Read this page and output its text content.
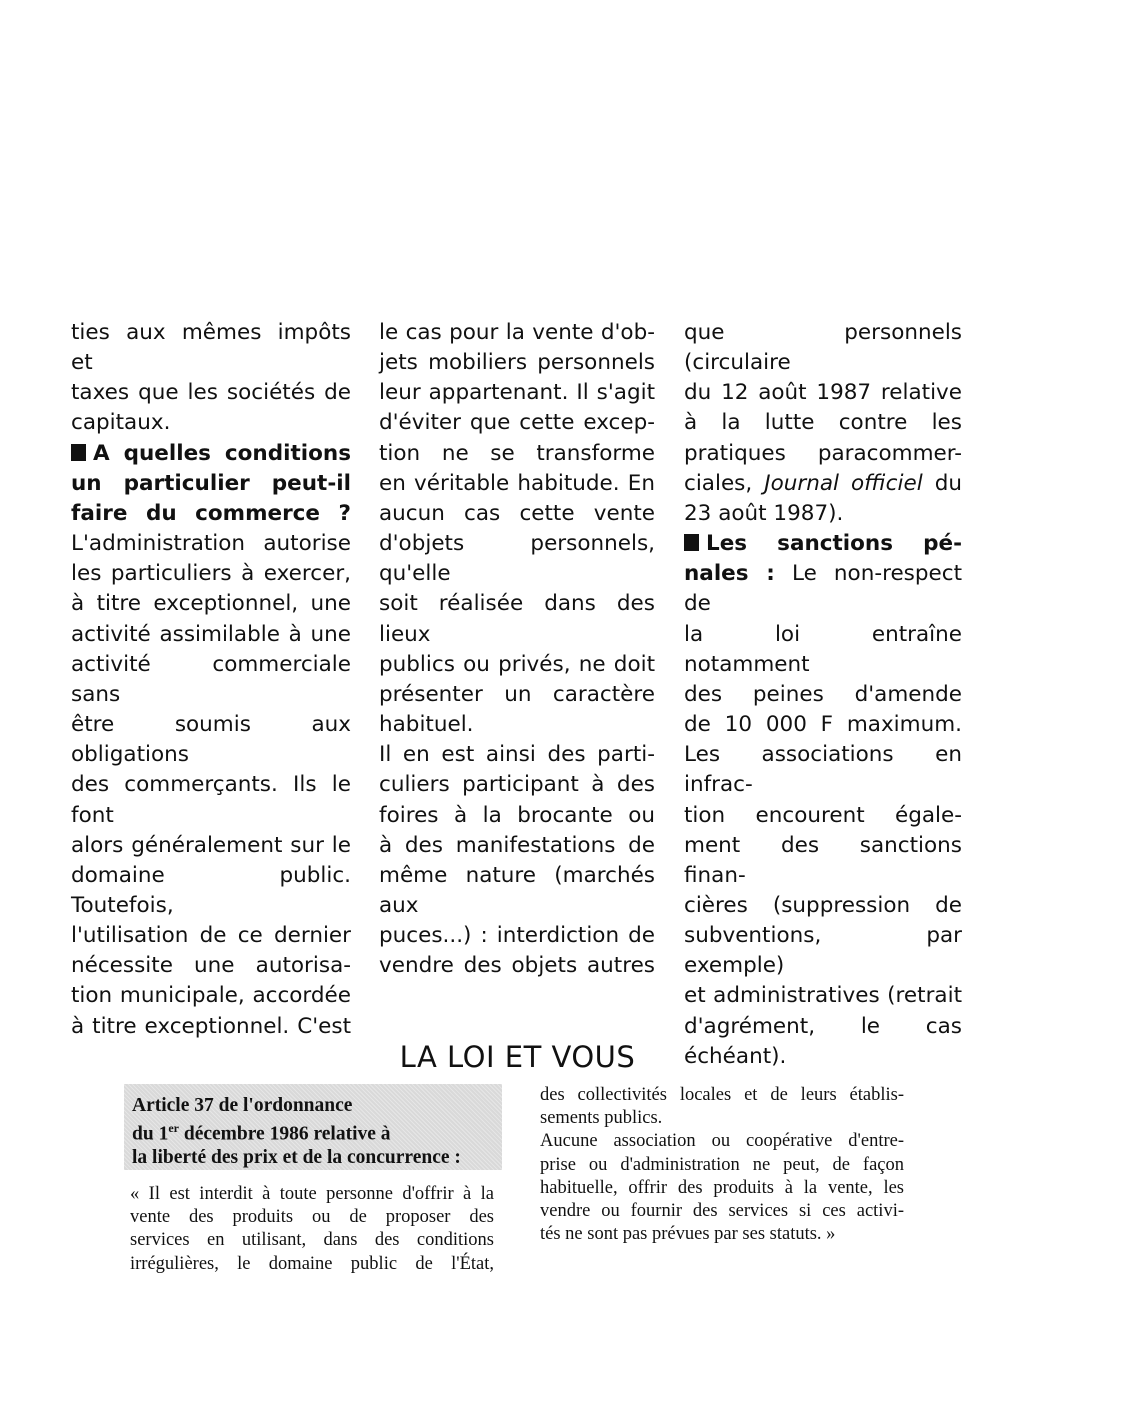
ties aux mêmes impôts et

taxes que les sociétés de

capitaux.

A quelles conditions

un particulier peut-il

faire du commerce ?

L'administration autorise

les particuliers à exercer,

à titre exceptionnel, une

activité assimilable à une

activité commerciale sans

être soumis aux obligations

des commerçants. Ils le font

alors généralement sur le

domaine public. Toutefois,

l'utilisation de ce dernier

nécessite une autorisa-

tion municipale, accordée

à titre exceptionnel. C'est

le cas pour la vente d'ob-

jets mobiliers personnels

leur appartenant. Il s'agit

d'éviter que cette excep-

tion ne se transforme

en véritable habitude. En

aucun cas cette vente

d'objets personnels, qu'elle

soit réalisée dans des lieux

publics ou privés, ne doit

présenter un caractère

habituel.

Il en est ainsi des parti-

culiers participant à des

foires à la brocante ou

à des manifestations de

même nature (marchés aux

puces...) : interdiction de

vendre des objets autres

que personnels (circulaire

du 12 août 1987 relative

à la lutte contre les

pratiques paracommer-

ciales, Journal officiel du

23 août 1987).

Les sanctions pé-

nales : Le non-respect de

la loi entraîne notamment

des peines d'amende

de 10 000 F maximum.

Les associations en infrac-

tion encourent égale-

ment des sanctions finan-

cières (suppression de

subventions, par exemple)

et administratives (retrait

d'agrément, le cas

échéant).

LA LOI ET VOUS

Article 37 de l'ordonnance

du 1er décembre 1986 relative à

la liberté des prix et de la concurrence :

« Il est interdit à toute personne d'offrir à la

vente des produits ou de proposer des

services en utilisant, dans des conditions

irrégulières, le domaine public de l'État,

des collectivités locales et de leurs établis-

sements publics.

Aucune association ou coopérative d'entre-

prise ou d'administration ne peut, de façon

habituelle, offrir des produits à la vente, les

vendre ou fournir des services si ces activi-

tés ne sont pas prévues par ses statuts. »
